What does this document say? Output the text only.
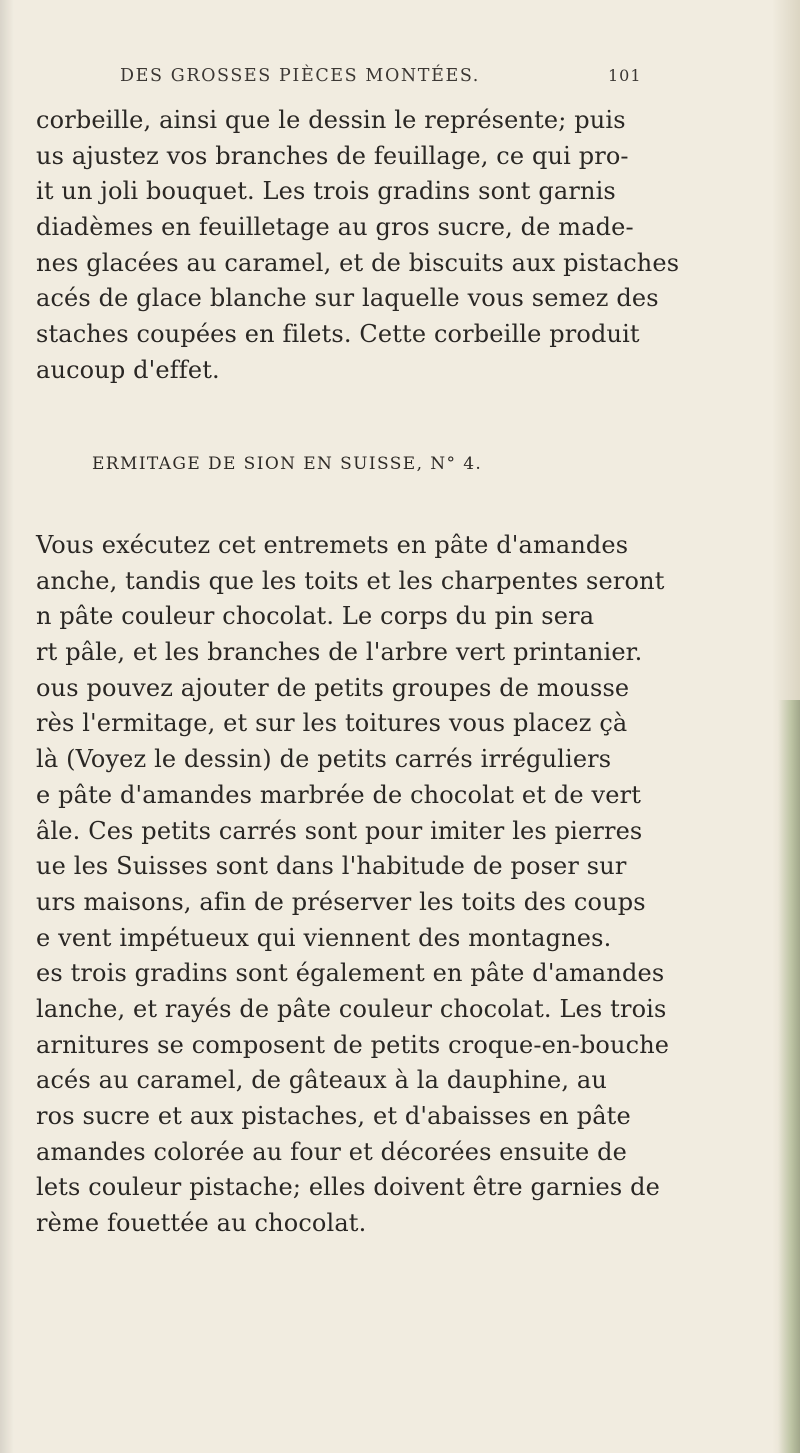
DES GROSSES PIÈCES MONTÉES.	101
corbeille, ainsi que le dessin le représente; puis
us ajustez vos branches de feuillage, ce qui pro-
it un joli bouquet. Les trois gradins sont garnis
diadèmes en feuilletage au gros sucre, de made-
nes glacées au caramel, et de biscuits aux pistaches
acés de glace blanche sur laquelle vous semez des
staches coupées en filets. Cette corbeille produit
aucoup d'effet.
ERMITAGE DE SION EN SUISSE, N° 4.
Vous exécutez cet entremets en pâte d'amandes
anche, tandis que les toits et les charpentes seront
n pâte couleur chocolat. Le corps du pin sera
rt pâle, et les branches de l'arbre vert printanier.
ous pouvez ajouter de petits groupes de mousse
rès l'ermitage, et sur les toitures vous placez çà
là (Voyez le dessin) de petits carrés irréguliers
e pâte d'amandes marbrée de chocolat et de vert
âle. Ces petits carrés sont pour imiter les pierres
ue les Suisses sont dans l'habitude de poser sur
urs maisons, afin de préserver les toits des coups
e vent impétueux qui viennent des montagnes.
es trois gradins sont également en pâte d'amandes
lanche, et rayés de pâte couleur chocolat. Les trois
arnitures se composent de petits croque-en-bouche
acés au caramel, de gâteaux à la dauphine, au
ros sucre et aux pistaches, et d'abaisses en pâte
amandes colorée au four et décorées ensuite de
lets couleur pistache; elles doivent être garnies de
rème fouettée au chocolat.
